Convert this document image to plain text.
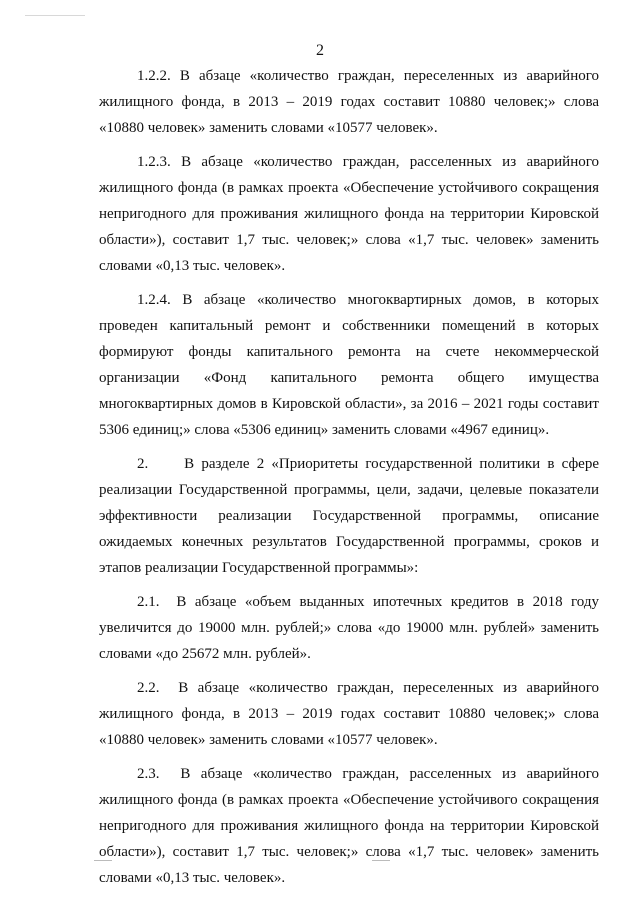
2

1.2.2. В абзаце «количество граждан, переселенных из аварийного жилищного фонда, в 2013 – 2019 годах составит 10880 человек;» слова «10880 человек» заменить словами «10577 человек».

1.2.3. В абзаце «количество граждан, расселенных из аварийного жилищного фонда (в рамках проекта «Обеспечение устойчивого сокращения непригодного для проживания жилищного фонда на территории Кировской области»), составит 1,7 тыс. человек;» слова «1,7 тыс. человек» заменить словами «0,13 тыс. человек».

1.2.4. В абзаце «количество многоквартирных домов, в которых проведен капитальный ремонт и собственники помещений в которых формируют фонды капитального ремонта на счете некоммерческой организации «Фонд капитального ремонта общего имущества многоквартирных домов в Кировской области», за 2016 – 2021 годы составит 5306 единиц;» слова «5306 единиц» заменить словами «4967 единиц».

2.     В разделе 2 «Приоритеты государственной политики в сфере реализации Государственной программы, цели, задачи, целевые показатели эффективности реализации Государственной программы, описание ожидаемых конечных результатов Государственной программы, сроков и этапов реализации Государственной программы»:

2.1.  В абзаце «объем выданных ипотечных кредитов в 2018 году увеличится до 19000 млн. рублей;» слова «до 19000 млн. рублей» заменить словами «до 25672 млн. рублей».

2.2.  В абзаце «количество граждан, переселенных из аварийного жилищного фонда, в 2013 – 2019 годах составит 10880 человек;» слова «10880 человек» заменить словами «10577 человек».

2.3.  В абзаце «количество граждан, расселенных из аварийного жилищного фонда (в рамках проекта «Обеспечение устойчивого сокращения непригодного для проживания жилищного фонда на территории Кировской области»), составит 1,7 тыс. человек;» слова «1,7 тыс. человек» заменить словами «0,13 тыс. человек».
